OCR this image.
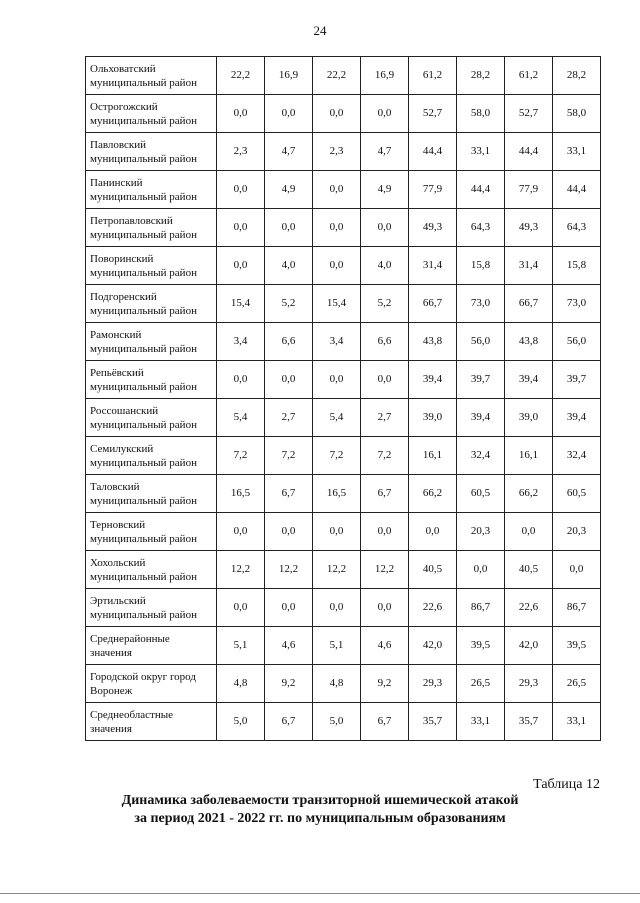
24
Ольховатский муниципальный район	22,2	16,9	22,2	16,9	61,2	28,2	61,2	28,2
Острогожский муниципальный район	0,0	0,0	0,0	0,0	52,7	58,0	52,7	58,0
Павловский муниципальный район	2,3	4,7	2,3	4,7	44,4	33,1	44,4	33,1
Панинский муниципальный район	0,0	4,9	0,0	4,9	77,9	44,4	77,9	44,4
Петропавловский муниципальный район	0,0	0,0	0,0	0,0	49,3	64,3	49,3	64,3
Поворинский муниципальный район	0,0	4,0	0,0	4,0	31,4	15,8	31,4	15,8
Подгоренский муниципальный район	15,4	5,2	15,4	5,2	66,7	73,0	66,7	73,0
Рамонский муниципальный район	3,4	6,6	3,4	6,6	43,8	56,0	43,8	56,0
Репьёвский муниципальный район	0,0	0,0	0,0	0,0	39,4	39,7	39,4	39,7
Россошанский муниципальный район	5,4	2,7	5,4	2,7	39,0	39,4	39,0	39,4
Семилукский муниципальный район	7,2	7,2	7,2	7,2	16,1	32,4	16,1	32,4
Таловский муниципальный район	16,5	6,7	16,5	6,7	66,2	60,5	66,2	60,5
Терновский муниципальный район	0,0	0,0	0,0	0,0	0,0	20,3	0,0	20,3
Хохольский муниципальный район	12,2	12,2	12,2	12,2	40,5	0,0	40,5	0,0
Эртильский муниципальный район	0,0	0,0	0,0	0,0	22,6	86,7	22,6	86,7
Среднерайонные значения	5,1	4,6	5,1	4,6	42,0	39,5	42,0	39,5
Городской округ город Воронеж	4,8	9,2	4,8	9,2	29,3	26,5	29,3	26,5
Среднеобластные значения	5,0	6,7	5,0	6,7	35,7	33,1	35,7	33,1
Таблица 12
Динамика заболеваемости транзиторной ишемической атакой
за период 2021 - 2022 гг. по муниципальным образованиям
